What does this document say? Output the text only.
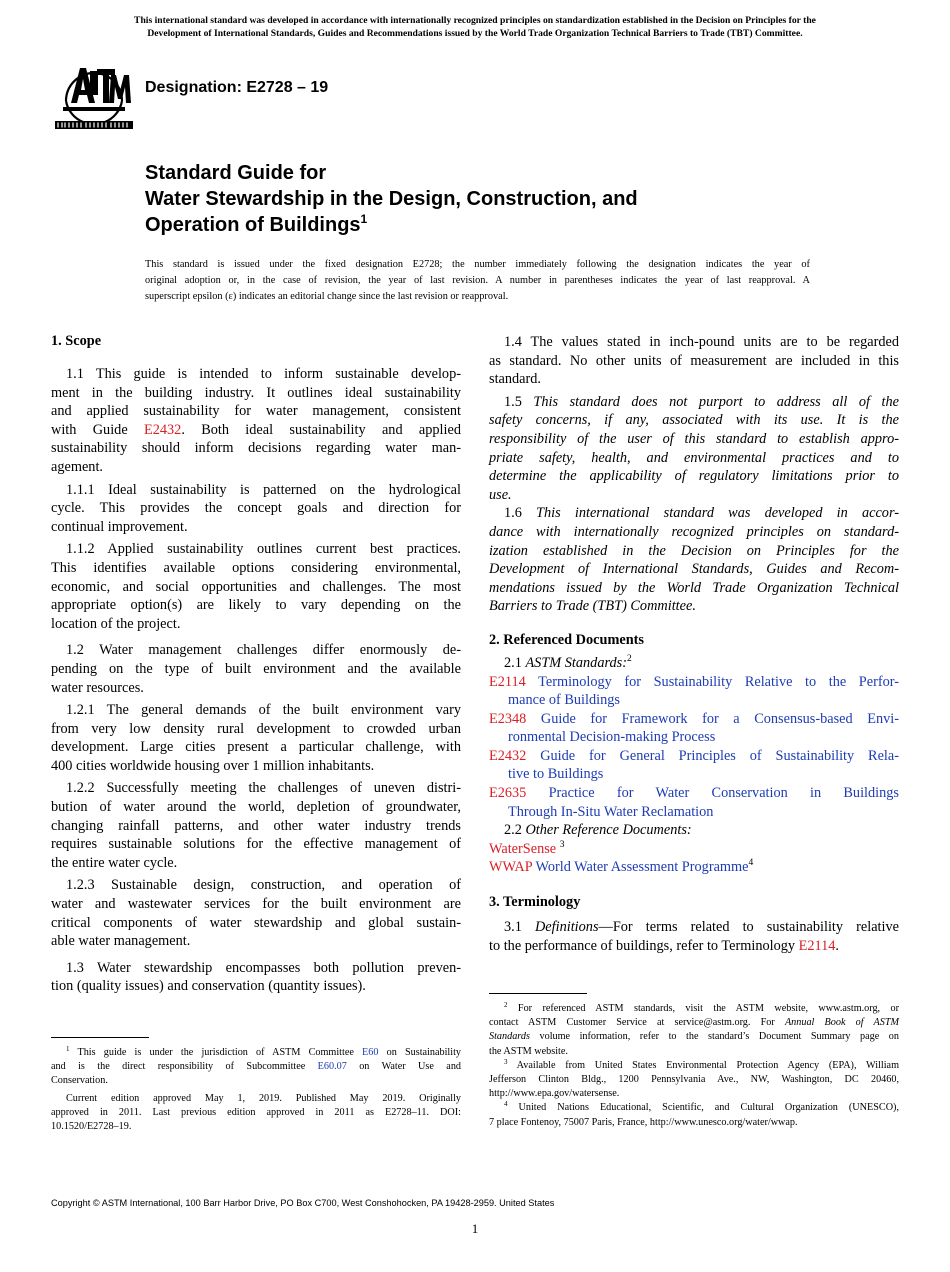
This international standard was developed in accordance with internationally recognized principles on standardization established in the Decision on Principles for the
Development of International Standards, Guides and Recommendations issued by the World Trade Organization Technical Barriers to Trade (TBT) Committee.
Designation: E2728 – 19
Standard Guide for
Water Stewardship in the Design, Construction, and
Operation of Buildings$^1$
This standard is issued under the fixed designation E2728; the number immediately following the designation indicates the year of
original adoption or, in the case of revision, the year of last revision. A number in parentheses indicates the year of last reapproval. A
superscript epsilon (ε) indicates an editorial change since the last revision or reapproval.
1. Scope
1.1 This guide is intended to inform sustainable develop-
ment in the building industry. It outlines ideal sustainability
and applied sustainability for water management, consistent
with Guide E2432. Both ideal sustainability and applied
sustainability should inform decisions regarding water man-
agement.
1.1.1 Ideal sustainability is patterned on the hydrological
cycle. This provides the concept goals and direction for
continual improvement.
1.1.2 Applied sustainability outlines current best practices.
This identifies available options considering environmental,
economic, and social opportunities and challenges. The most
appropriate option(s) are likely to vary depending on the
location of the project.
1.2 Water management challenges differ enormously de-
pending on the type of built environment and the available
water resources.
1.2.1 The general demands of the built environment vary
from very low density rural development to crowded urban
development. Large cities present a particular challenge, with
400 cities worldwide housing over 1 million inhabitants.
1.2.2 Successfully meeting the challenges of uneven distri-
bution of water around the world, depletion of groundwater,
changing rainfall patterns, and other water industry trends
requires sustainable solutions for the effective management of
the entire water cycle.
1.2.3 Sustainable design, construction, and operation of
water and wastewater services for the built environment are
critical components of water stewardship and global sustain-
able water management.
1.3 Water stewardship encompasses both pollution preven-
tion (quality issues) and conservation (quantity issues).
1.4 The values stated in inch-pound units are to be regarded
as standard. No other units of measurement are included in this
standard.
1.5 This standard does not purport to address all of the
safety concerns, if any, associated with its use. It is the
responsibility of the user of this standard to establish appro-
priate safety, health, and environmental practices and to
determine the applicability of regulatory limitations prior to
use.
1.6 This international standard was developed in accor-
dance with internationally recognized principles on standard-
ization established in the Decision on Principles for the
Development of International Standards, Guides and Recom-
mendations issued by the World Trade Organization Technical
Barriers to Trade (TBT) Committee.
2. Referenced Documents
2.1 ASTM Standards:$^2$
E2114 Terminology for Sustainability Relative to the Perfor-
mance of Buildings
E2348 Guide for Framework for a Consensus-based Envi-
ronmental Decision-making Process
E2432 Guide for General Principles of Sustainability Rela-
tive to Buildings
E2635 Practice for Water Conservation in Buildings
Through In-Situ Water Reclamation
2.2 Other Reference Documents:
WaterSense $^3$
WWAP World Water Assessment Programme$^4$
3. Terminology
3.1 Definitions—For terms related to sustainability relative
to the performance of buildings, refer to Terminology E2114.
$^1$ This guide is under the jurisdiction of ASTM Committee E60 on Sustainability
and is the direct responsibility of Subcommittee E60.07 on Water Use and
Conservation.
Current edition approved May 1, 2019. Published May 2019. Originally
approved in 2011. Last previous edition approved in 2011 as E2728–11. DOI:
10.1520/E2728–19.
$^2$ For referenced ASTM standards, visit the ASTM website, www.astm.org, or
contact ASTM Customer Service at service@astm.org. For Annual Book of ASTM
Standards volume information, refer to the standard’s Document Summary page on
the ASTM website.
$^3$ Available from United States Environmental Protection Agency (EPA), William
Jefferson Clinton Bldg., 1200 Pennsylvania Ave., NW, Washington, DC 20460,
http://www.epa.gov/watersense.
$^4$ United Nations Educational, Scientific, and Cultural Organization (UNESCO),
7 place Fontenoy, 75007 Paris, France, http://www.unesco.org/water/wwap.
Copyright © ASTM International, 100 Barr Harbor Drive, PO Box C700, West Conshohocken, PA 19428-2959. United States
1
